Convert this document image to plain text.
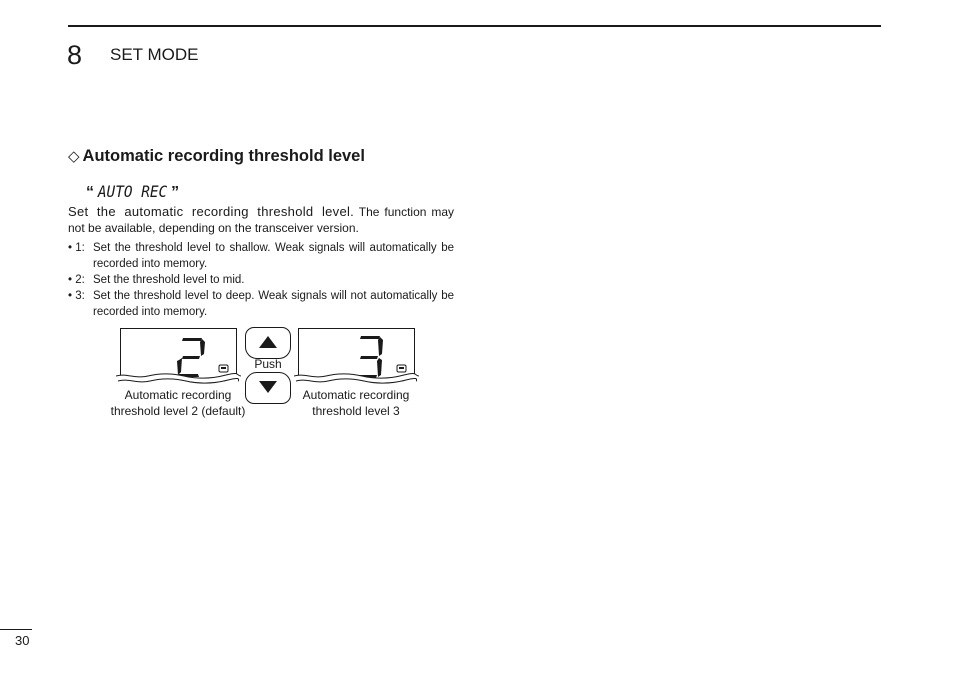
8 SET MODE
◇ Automatic recording threshold level
“ AUTO REC ”
Set the automatic recording threshold level. The function may not be available, depending on the transceiver version.
• 1: Set the threshold level to shallow. Weak signals will automatically be recorded into memory.
• 2: Set the threshold level to mid.
• 3: Set the threshold level to deep. Weak signals will not automatically be recorded into memory.
Push
Automatic recording
threshold level 2 (default)
Automatic recording
threshold level 3
30
